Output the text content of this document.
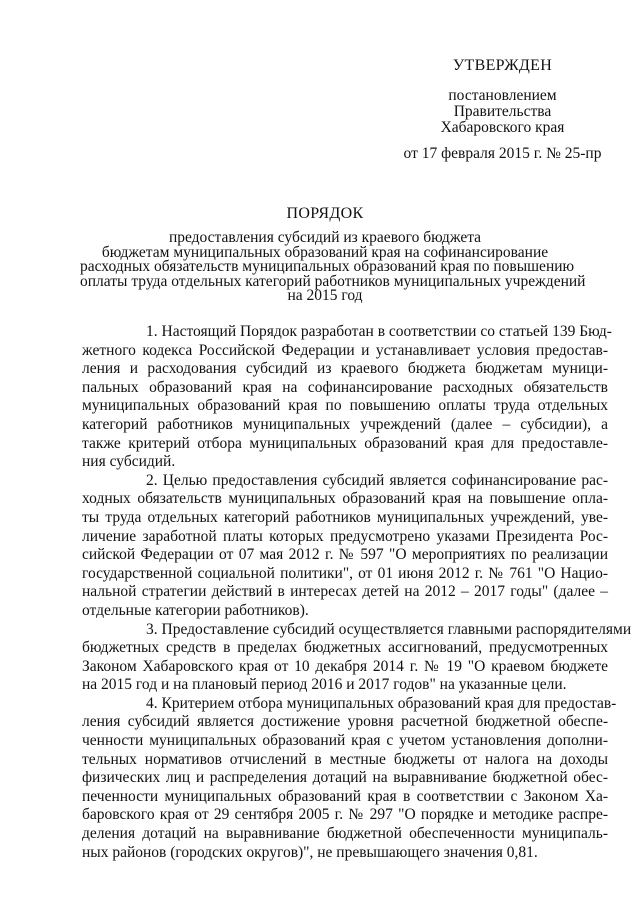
УТВЕРЖДЕН
постановлением
Правительства
Хабаровского края
от 17 февраля 2015 г. № 25-пр
ПОРЯДОК
предоставления субсидий из краевого бюджета
бюджетам муниципальных образований края на софинансирование
расходных обязательств муниципальных образований края по повышению
оплаты труда отдельных категорий работников муниципальных учреждений
на 2015 год
1. Настоящий Порядок разработан в соответствии со статьей 139 Бюд-
жетного кодекса Российской Федерации и устанавливает условия предостав-
ления и расходования субсидий из краевого бюджета бюджетам муници-
пальных образований края на софинансирование расходных обязательств
муниципальных образований края по повышению оплаты труда отдельных
категорий работников муниципальных учреждений (далее – субсидии), а
также критерий отбора муниципальных образований края для предоставле-
ния субсидий.
2. Целью предоставления субсидий является софинансирование рас-
ходных обязательств муниципальных образований края на повышение опла-
ты труда отдельных категорий работников муниципальных учреждений, уве-
личение заработной платы которых предусмотрено указами Президента Рос-
сийской Федерации от 07 мая 2012 г. № 597 "О мероприятиях по реализации
государственной социальной политики", от 01 июня 2012 г. № 761 "О Нацио-
нальной стратегии действий в интересах детей на 2012 – 2017 годы" (далее –
отдельные категории работников).
3. Предоставление субсидий осуществляется главными распорядителями
бюджетных средств в пределах бюджетных ассигнований, предусмотренных
Законом Хабаровского края от 10 декабря 2014 г. № 19 "О краевом бюджете
на 2015 год и на плановый период 2016 и 2017 годов" на указанные цели.
4. Критерием отбора муниципальных образований края для предостав-
ления субсидий является достижение уровня расчетной бюджетной обеспе-
ченности муниципальных образований края с учетом установления дополни-
тельных нормативов отчислений в местные бюджеты от налога на доходы
физических лиц и распределения дотаций на выравнивание бюджетной обес-
печенности муниципальных образований края в соответствии с Законом Ха-
баровского края от 29 сентября 2005 г. № 297 "О порядке и методике распре-
деления дотаций на выравнивание бюджетной обеспеченности муниципаль-
ных районов (городских округов)", не превышающего значения 0,81.
